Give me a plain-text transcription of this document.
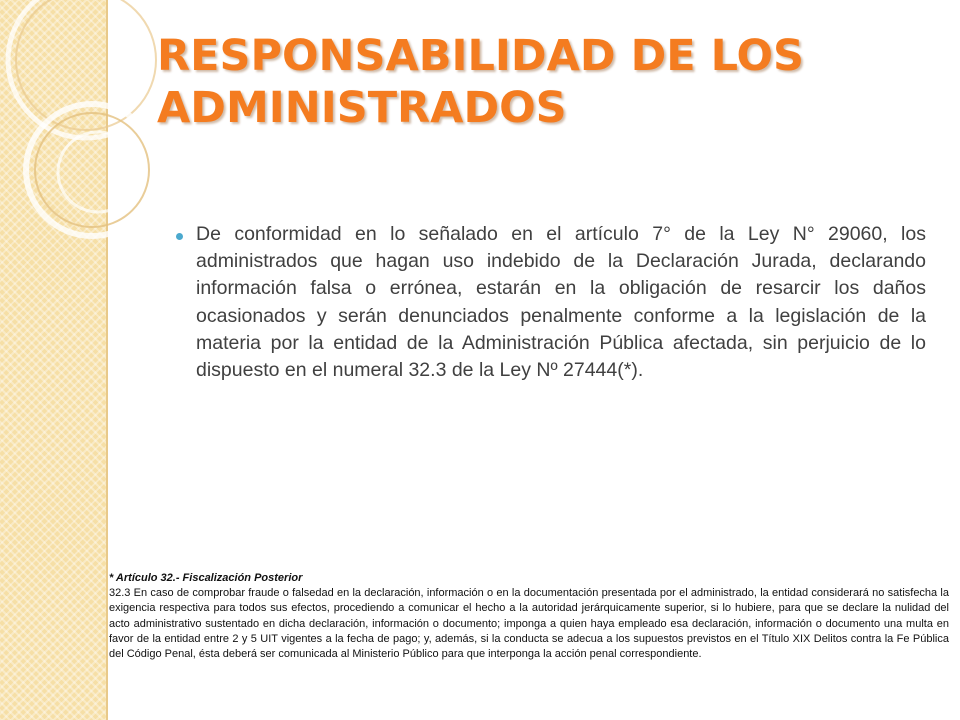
RESPONSABILIDAD DE LOS ADMINISTRADOS

De conformidad en lo señalado en el artículo 7° de la Ley N° 29060, los administrados que hagan uso indebido de la Declaración Jurada, declarando información falsa o errónea, estarán en la obligación de resarcir los daños ocasionados y serán denunciados penalmente conforme a la legislación de la materia por la entidad de la Administración Pública afectada, sin perjuicio de lo dispuesto en el numeral 32.3 de la Ley Nº 27444(*).

* Artículo 32.- Fiscalización Posterior
32.3 En caso de comprobar fraude o falsedad en la declaración, información o en la documentación presentada por el administrado, la entidad considerará no satisfecha la exigencia respectiva para todos sus efectos, procediendo a comunicar el hecho a la autoridad jerárquicamente superior, si lo hubiere, para que se declare la nulidad del acto administrativo sustentado en dicha declaración, información o documento; imponga a quien haya empleado esa declaración, información o documento una multa en favor de la entidad entre 2 y 5 UIT vigentes a la fecha de pago; y, además, si la conducta se adecua a los supuestos previstos en el Título XIX Delitos contra la Fe Pública del Código Penal, ésta deberá ser comunicada al Ministerio Público para que interponga la acción penal correspondiente.
